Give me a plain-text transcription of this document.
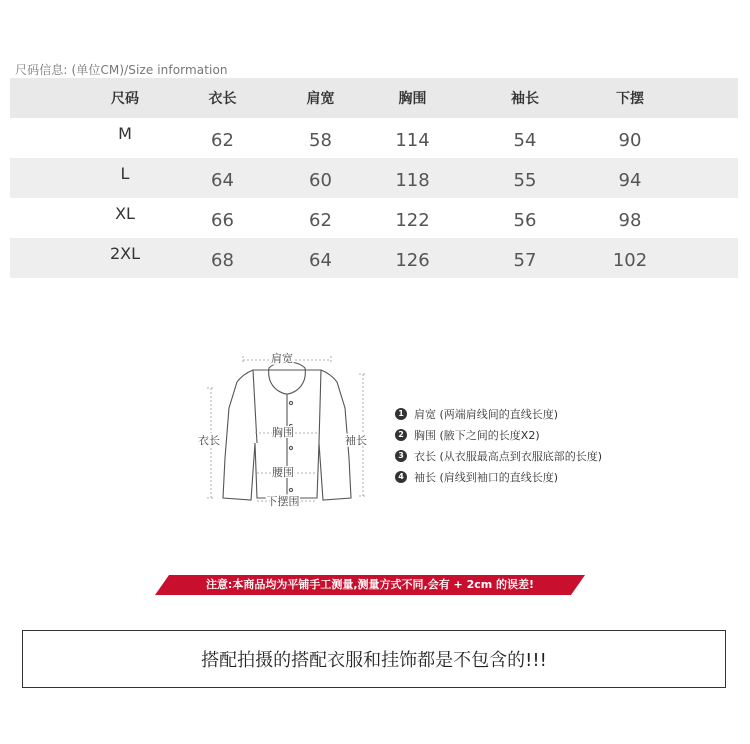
尺码信息: (单位CM)/Size information
尺码	衣长	肩宽	胸围	袖长	下摆
M	62	58	114	54	90
L	64	60	118	55	94
XL	66	62	122	56	98
2XL	68	64	126	57	102
肩宽
衣长
胸围
袖长
腰围
下摆围
1 肩宽 (两端肩线间的直线长度)
2 胸围 (腋下之间的长度X2)
3 衣长 (从衣服最高点到衣服底部的长度)
4 袖长 (肩线到袖口的直线长度)
注意:本商品均为平铺手工测量,测量方式不同,会有 + 2cm 的误差!
搭配拍摄的搭配衣服和挂饰都是不包含的!!!
